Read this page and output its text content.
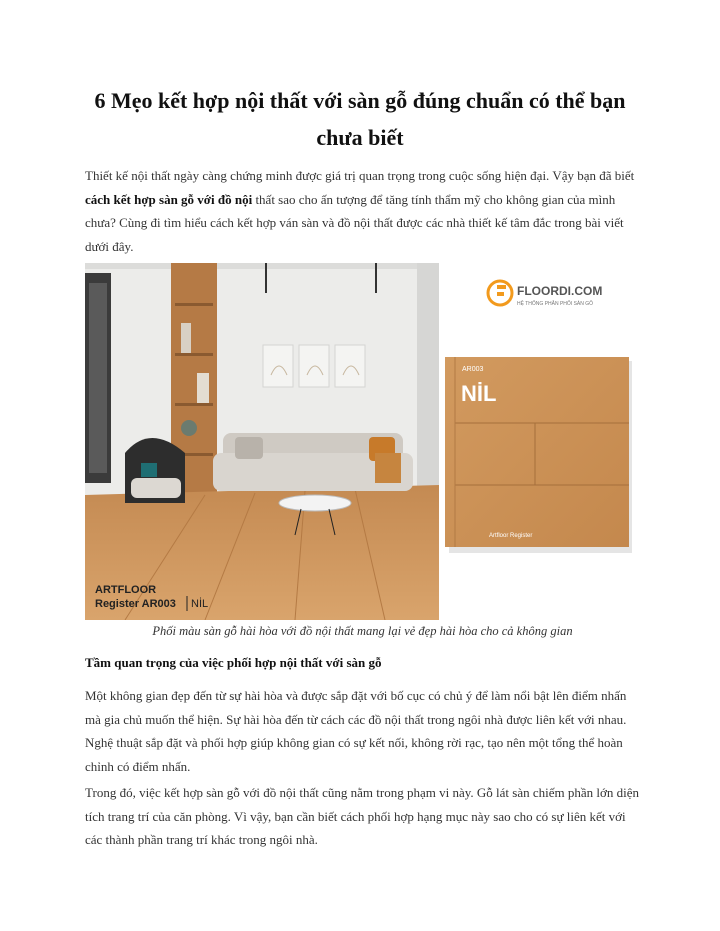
6 Mẹo kết hợp nội thất với sàn gỗ đúng chuẩn có thể bạn
chưa biết
Thiết kế nội thất ngày càng chứng minh được giá trị quan trọng trong cuộc sống hiện đại. Vậy bạn đã biết cách kết hợp sàn gỗ với đồ nội thất sao cho ấn tượng để tăng tính thẩm mỹ cho không gian của mình chưa? Cùng đi tìm hiểu cách kết hợp ván sàn và đồ nội thất được các nhà thiết kế tâm đắc trong bài viết dưới đây.
ARTFLOOR
Register AR003 NİL
FLOORDI.COM
HỆ THỐNG PHÂN PHỐI SÀN GỖ
AR003
NİL
Artfloor Register
Phối màu sàn gỗ hài hòa với đồ nội thất mang lại vẻ đẹp hài hòa cho cả không gian
Tầm quan trọng của việc phối hợp nội thất với sàn gỗ
Một không gian đẹp đến từ sự hài hòa và được sắp đặt với bố cục có chủ ý để làm nổi bật lên điểm nhấn mà gia chủ muốn thể hiện. Sự hài hòa đến từ cách các đồ nội thất trong ngôi nhà được liên kết với nhau. Nghệ thuật sắp đặt và phối hợp giúp không gian có sự kết nối, không rời rạc, tạo nên một tổng thể hoàn chỉnh có điểm nhấn.
Trong đó, việc kết hợp sàn gỗ với đồ nội thất cũng nằm trong phạm vi này. Gỗ lát sàn chiếm phần lớn diện tích trang trí của căn phòng. Vì vậy, bạn cần biết cách phối hợp hạng mục này sao cho có sự liên kết với các thành phần trang trí khác trong ngôi nhà.
